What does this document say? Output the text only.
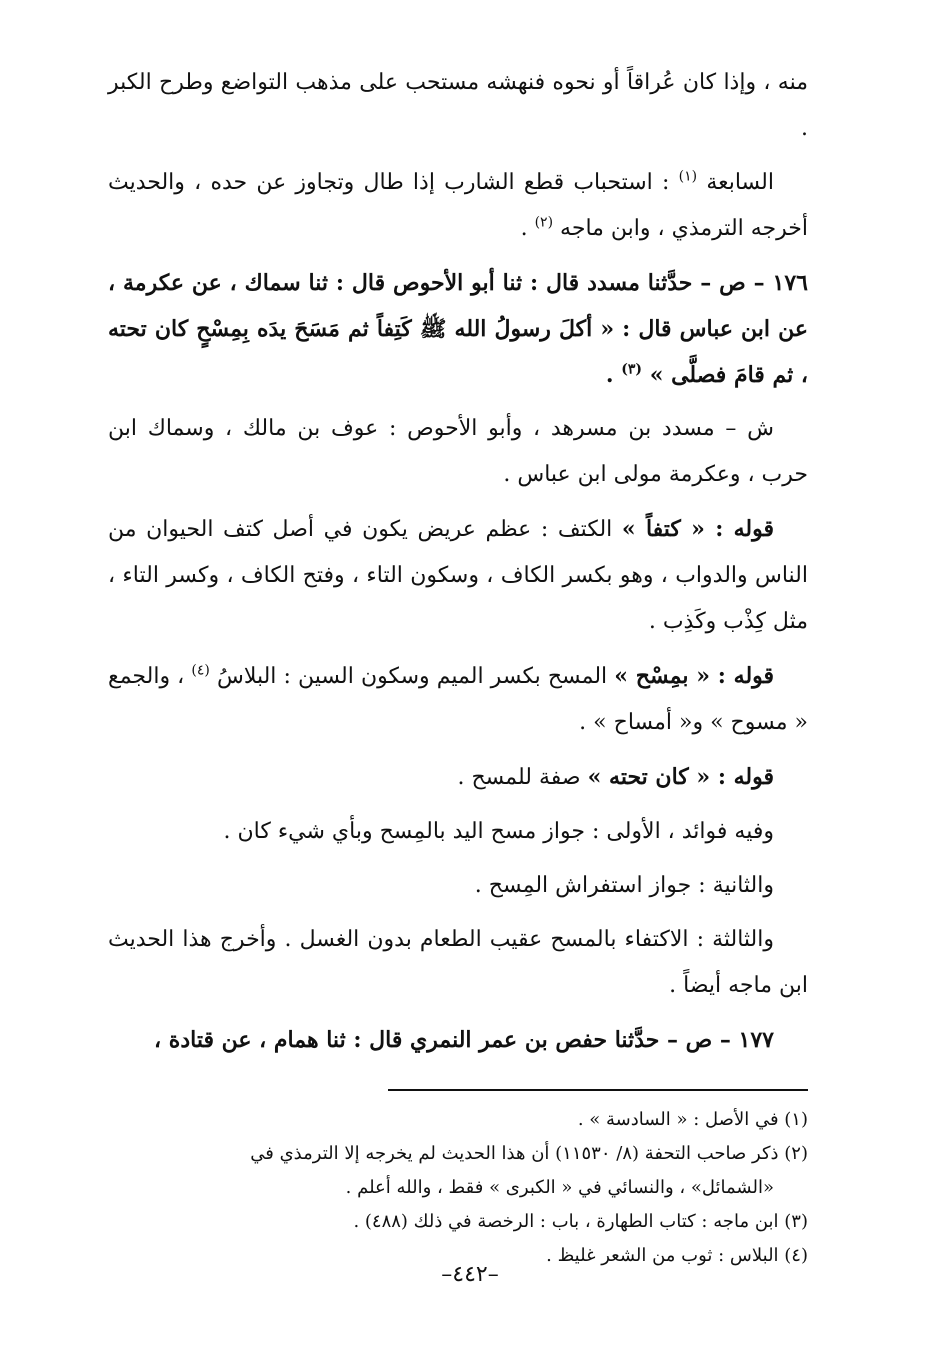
منه ، وإذا كان عُراقاً أو نحوه فنهشه مستحب على مذهب التواضع وطرح الكبر .

السابعة $^{(١)}$ : استحباب قطع الشارب إذا طال وتجاوز عن حده ، والحديث أخرجه الترمذي ، وابن ماجه $^{(٢)}$ .

١٧٦ – ص – حدَّثنا مسدد قال : ثنا أبو الأحوص قال : ثنا سماك ، عن عكرمة ، عن ابن عباس قال : « أكلَ رسولُ الله ﷺ كَتِفاً ثم مَسَحَ يدَه بِمِسْحٍ كان تحته ، ثم قامَ فصلَّى » $^{(٣)}$ .

ش – مسدد بن مسرهد ، وأبو الأحوص : عوف بن مالك ، وسماك ابن حرب ، وعكرمة مولى ابن عباس .

قوله : « كتفاً » الكتف : عظم عريض يكون في أصل كتف الحيوان من الناس والدواب ، وهو بكسر الكاف ، وسكون التاء ، وفتح الكاف ، وكسر التاء ، مثل كِذْب وكَذِب .

قوله : « بمِسْح » المسح بكسر الميم وسكون السين : البلاسُ $^{(٤)}$ ، والجمع « مسوح » و« أمساح » .

قوله : « كان تحته » صفة للمسح .

وفيه فوائد ، الأولى : جواز مسح اليد بالمِسح وبأي شيء كان .

والثانية : جواز استفراش المِسح .

والثالثة : الاكتفاء بالمسح عقيب الطعام بدون الغسل . وأخرج هذا الحديث ابن ماجه أيضاً .

١٧٧ – ص – حدَّثنا حفص بن عمر النمري قال : ثنا همام ، عن قتادة ،

(١) في الأصل : « السادسة » .

(٢) ذكر صاحب التحفة (٨/ ١١٥٣٠) أن هذا الحديث لم يخرجه إلا الترمذي في

«الشمائل» ، والنسائي في « الكبرى » فقط ، والله أعلم .

(٣) ابن ماجه : كتاب الطهارة ، باب : الرخصة في ذلك (٤٨٨) .

(٤) البلاس : ثوب من الشعر غليظ .

–٤٤٢–
